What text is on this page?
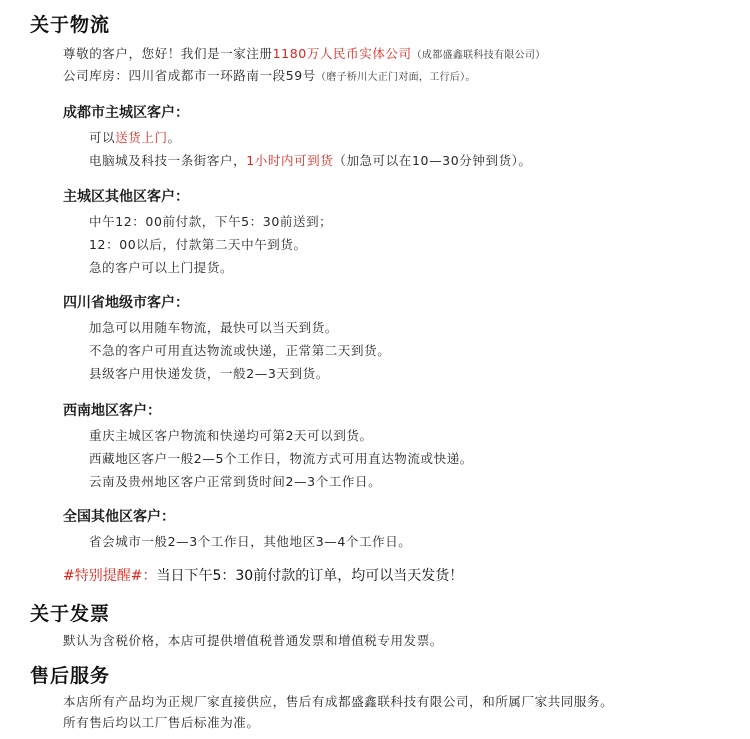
关于物流
尊敬的客户，您好！我们是一家注册1180万人民币实体公司（成都盛鑫联科技有限公司）
公司库房：四川省成都市一环路南一段59号（磨子桥川大正门对面，工行后）。
成都市主城区客户：
可以送货上门。
电脑城及科技一条街客户，1小时内可到货（加急可以在10—30分钟到货）。
主城区其他区客户：
中午12：00前付款，下午5：30前送到；
12：00以后，付款第二天中午到货。
急的客户可以上门提货。
四川省地级市客户：
加急可以用随车物流，最快可以当天到货。
不急的客户可用直达物流或快递，正常第二天到货。
县级客户用快递发货，一般2—3天到货。
西南地区客户：
重庆主城区客户物流和快递均可第2天可以到货。
西藏地区客户一般2—5个工作日，物流方式可用直达物流或快递。
云南及贵州地区客户正常到货时间2—3个工作日。
全国其他区客户：
省会城市一般2—3个工作日，其他地区3—4个工作日。
#特别提醒#：当日下午5：30前付款的订单，均可以当天发货！
关于发票
默认为含税价格，本店可提供增值税普通发票和增值税专用发票。
售后服务
本店所有产品均为正规厂家直接供应，售后有成都盛鑫联科技有限公司，和所属厂家共同服务。
所有售后均以工厂售后标准为准。
